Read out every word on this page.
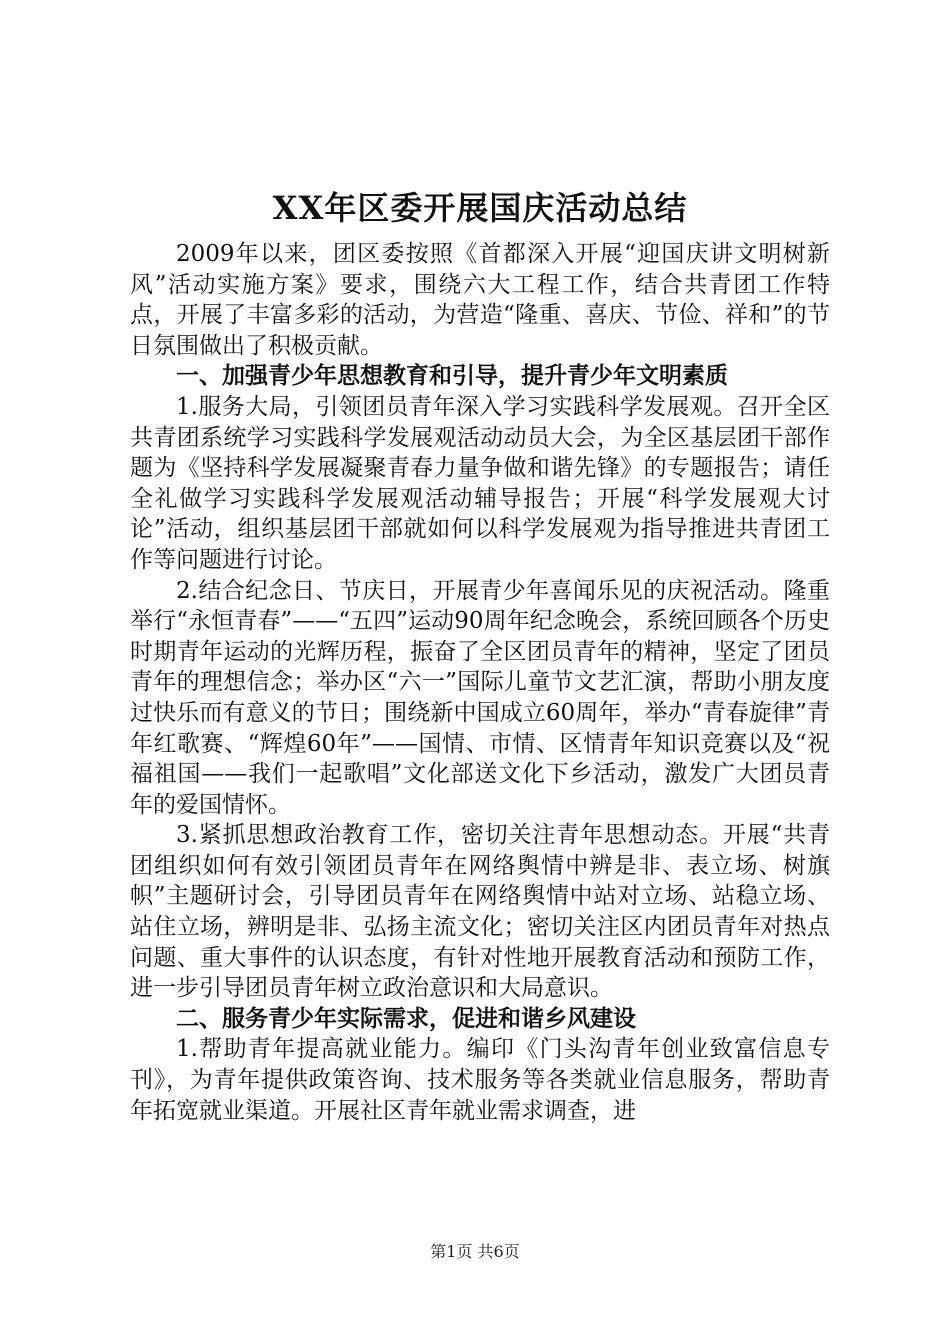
XX年区委开展国庆活动总结

2009年以来，团区委按照《首都深入开展“迎国庆讲文明树新风”活动实施方案》要求，围绕六大工程工作，结合共青团工作特点，开展了丰富多彩的活动，为营造“隆重、喜庆、节俭、祥和”的节日氛围做出了积极贡献。

一、加强青少年思想教育和引导，提升青少年文明素质

1.服务大局，引领团员青年深入学习实践科学发展观。召开全区共青团系统学习实践科学发展观活动动员大会，为全区基层团干部作题为《坚持科学发展凝聚青春力量争做和谐先锋》的专题报告；请任全礼做学习实践科学发展观活动辅导报告；开展“科学发展观大讨论”活动，组织基层团干部就如何以科学发展观为指导推进共青团工作等问题进行讨论。

2.结合纪念日、节庆日，开展青少年喜闻乐见的庆祝活动。隆重举行“永恒青春”——“五四”运动90周年纪念晚会，系统回顾各个历史时期青年运动的光辉历程，振奋了全区团员青年的精神，坚定了团员青年的理想信念；举办区“六一”国际儿童节文艺汇演，帮助小朋友度过快乐而有意义的节日；围绕新中国成立60周年，举办“青春旋律”青年红歌赛、“辉煌60年”——国情、市情、区情青年知识竞赛以及“祝福祖国——我们一起歌唱”文化部送文化下乡活动，激发广大团员青年的爱国情怀。

3.紧抓思想政治教育工作，密切关注青年思想动态。开展“共青团组织如何有效引领团员青年在网络舆情中辨是非、表立场、树旗帜”主题研讨会，引导团员青年在网络舆情中站对立场、站稳立场、站住立场，辨明是非、弘扬主流文化；密切关注区内团员青年对热点问题、重大事件的认识态度，有针对性地开展教育活动和预防工作，进一步引导团员青年树立政治意识和大局意识。

二、服务青少年实际需求，促进和谐乡风建设

1.帮助青年提高就业能力。编印《门头沟青年创业致富信息专刊》，为青年提供政策咨询、技术服务等各类就业信息服务，帮助青年拓宽就业渠道。开展社区青年就业需求调查，进

第1页 共6页
